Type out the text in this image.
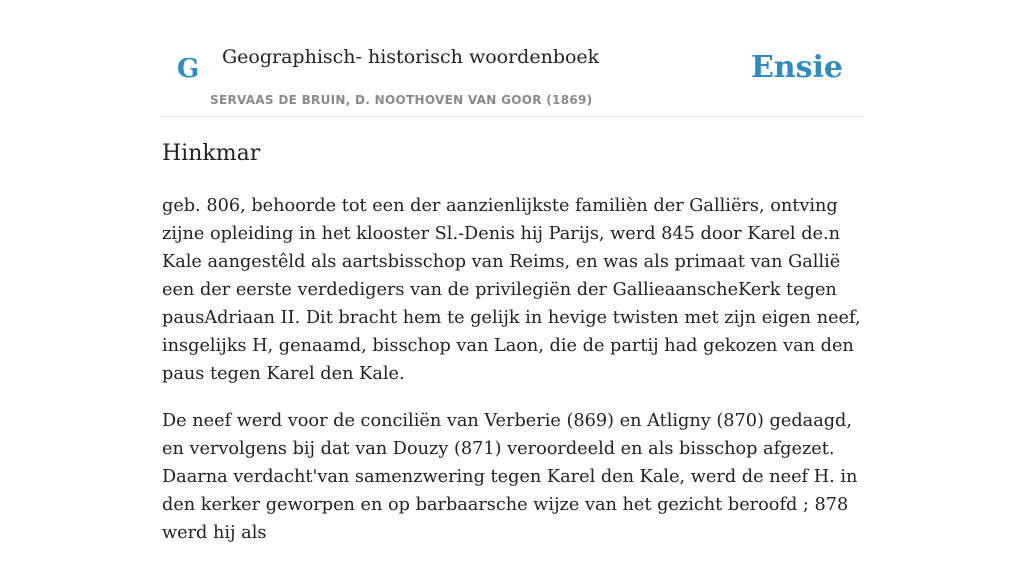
G Geographisch- historisch woordenboek
SERVAAS DE BRUIN, D. NOOTHOVEN VAN GOOR (1869)
Ensie
Hinkmar

geb. 806, behoorde tot een der aanzienlijkste familièn der Galliërs, ontving zijne opleiding in het klooster Sl.-Denis hij Parijs, werd 845 door Karel de.n Kale aangestêld als aartsbisschop van Reims, en was als primaat van Gallië een der eerste verdedigers van de privilegiën der GallieaanscheKerk tegen pausAdriaan II. Dit bracht hem te gelijk in hevige twisten met zijn eigen neef, insgelijks H, genaamd, bisschop van Laon, die de partij had gekozen van den paus tegen Karel den Kale.

De neef werd voor de conciliën van Verberie (869) en Atligny (870) gedaagd, en vervolgens bij dat van Douzy (871) veroordeeld en als bisschop afgezet. Daarna verdacht'van samenzwering tegen Karel den Kale, werd de neef H. in den kerker geworpen en op barbaarsche wijze van het gezicht beroofd ; 878 werd hij als
